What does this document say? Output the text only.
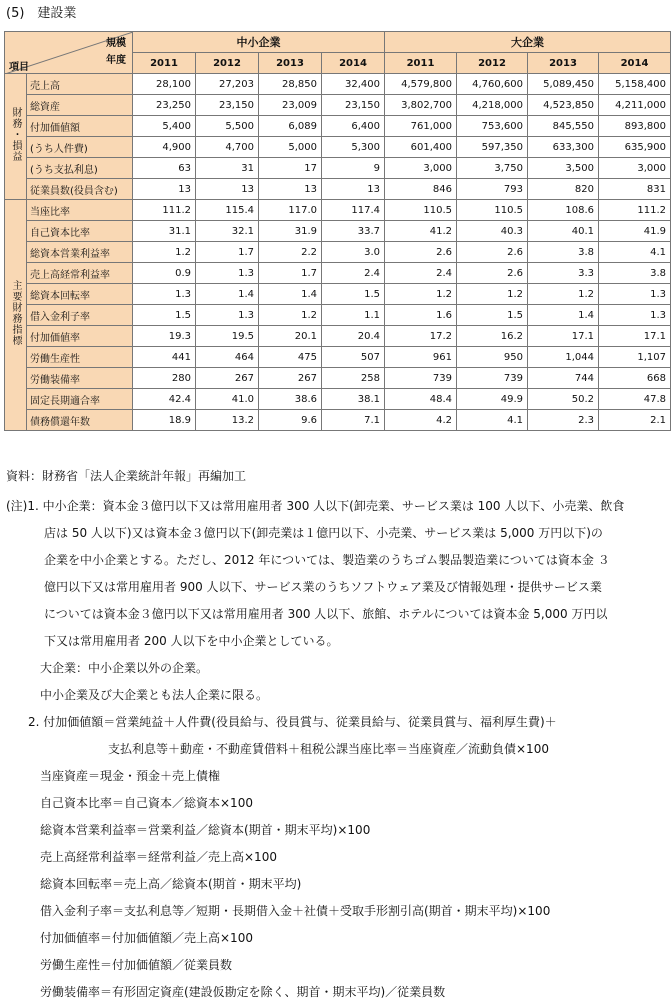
(5)　建設業
規模
年度
項目		中小企業				大企業			
		2011	2012	2013	2014	2011	2012	2013	2014
財務・損益	売上高	28,100	27,203	28,850	32,400	4,579,800	4,760,600	5,089,450	5,158,400
	総資産	23,250	23,150	23,009	23,150	3,802,700	4,218,000	4,523,850	4,211,000
	付加価値額	5,400	5,500	6,089	6,400	761,000	753,600	845,550	893,800
	(うち人件費)	4,900	4,700	5,000	5,300	601,400	597,350	633,300	635,900
	(うち支払利息)	63	31	17	9	3,000	3,750	3,500	3,000
	従業員数(役員含む)	13	13	13	13	846	793	820	831
主要財務指標	当座比率	111.2	115.4	117.0	117.4	110.5	110.5	108.6	111.2
	自己資本比率	31.1	32.1	31.9	33.7	41.2	40.3	40.1	41.9
	総資本営業利益率	1.2	1.7	2.2	3.0	2.6	2.6	3.8	4.1
	売上高経常利益率	0.9	1.3	1.7	2.4	2.4	2.6	3.3	3.8
	総資本回転率	1.3	1.4	1.4	1.5	1.2	1.2	1.2	1.3
	借入金利子率	1.5	1.3	1.2	1.1	1.6	1.5	1.4	1.3
	付加価値率	19.3	19.5	20.1	20.4	17.2	16.2	17.1	17.1
	労働生産性	441	464	475	507	961	950	1,044	1,107
	労働装備率	280	267	267	258	739	739	744	668
	固定長期適合率	42.4	41.0	38.6	38.1	48.4	49.9	50.2	47.8
	債務償還年数	18.9	13.2	9.6	7.1	4.2	4.1	2.3	2.1

資料：財務省「法人企業統計年報」再編加工

(注)1. 中小企業：資本金３億円以下又は常用雇用者 300 人以下(卸売業、サービス業は 100 人以下、小売業、飲食

店は 50 人以下)又は資本金３億円以下(卸売業は１億円以下、小売業、サービス業は 5,000 万円以下)の

企業を中小企業とする。ただし、2012 年については、製造業のうちゴム製品製造業については資本金 ３

億円以下又は常用雇用者 900 人以下、サービス業のうちソフトウェア業及び情報処理・提供サービス業

については資本金３億円以下又は常用雇用者 300 人以下、旅館、ホテルについては資本金 5,000 万円以

下又は常用雇用者 200 人以下を中小企業としている。

大企業：中小企業以外の企業。

中小企業及び大企業とも法人企業に限る。

2. 付加価値額＝営業純益＋人件費(役員給与、役員賞与、従業員給与、従業員賞与、福利厚生費)＋

支払利息等＋動産・不動産賃借料＋租税公課当座比率＝当座資産／流動負債×100

当座資産＝現金・預金＋売上債権

自己資本比率＝自己資本／総資本×100

総資本営業利益率＝営業利益／総資本(期首・期末平均)×100

売上高経常利益率＝経常利益／売上高×100

総資本回転率＝売上高／総資本(期首・期末平均)

借入金利子率＝支払利息等／短期・長期借入金＋社債＋受取手形割引高(期首・期末平均)×100

付加価値率＝付加価値額／売上高×100

労働生産性＝付加価値額／従業員数

労働装備率＝有形固定資産(建設仮勘定を除く、期首・期末平均)／従業員数
